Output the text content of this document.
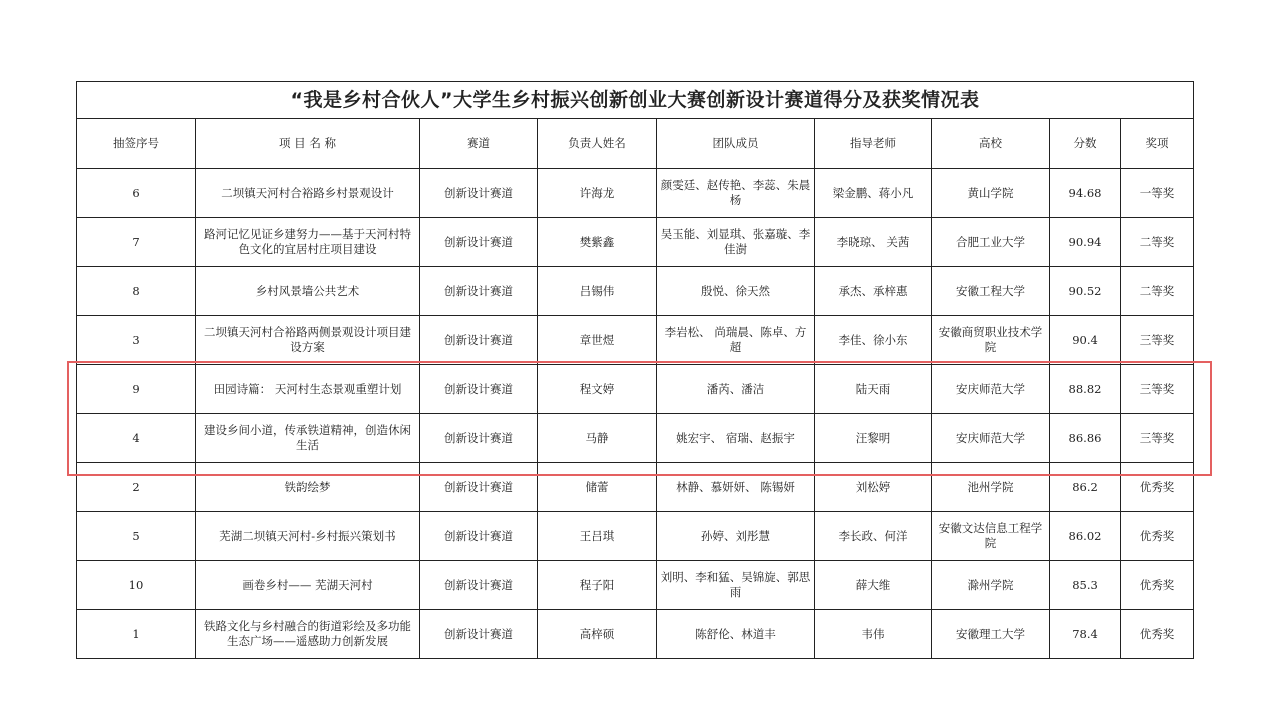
“我是乡村合伙人”大学生乡村振兴创新创业大赛创新设计赛道得分及获奖情况表								
抽签序号	项 目 名 称	赛道	负责人姓名	团队成员	指导老师	高校	分数	奖项
6	二坝镇天河村合裕路乡村景观设计	创新设计赛道	许海龙	颜雯廷、赵传艳、李蕊、朱晨杨	梁金鹏、蒋小凡	黄山学院	94.68	一等奖
7	路河记忆见证乡建努力——基于天河村特色文化的宜居村庄项目建设	创新设计赛道	樊紫鑫	吴玉能、刘显琪、张嘉璇、李佳澍	李晓琼、 关茜	合肥工业大学	90.94	二等奖
8	乡村风景墙公共艺术	创新设计赛道	吕锡伟	殷悦、徐天然	承杰、承梓惠	安徽工程大学	90.52	二等奖
3	二坝镇天河村合裕路两侧景观设计项目建设方案	创新设计赛道	章世煜	李岩松、 尚瑞晨、陈卓、方超	李佳、徐小东	安徽商贸职业技术学院	90.4	三等奖
9	田园诗篇： 天河村生态景观重塑计划	创新设计赛道	程文婷	潘芮、潘洁	陆天雨	安庆师范大学	88.82	三等奖
4	建设乡间小道，传承铁道精神，创造休闲生活	创新设计赛道	马静	姚宏宇、 宿瑞、赵振宇	汪黎明	安庆师范大学	86.86	三等奖
2	铁韵绘梦	创新设计赛道	储蕾	林静、慕妍妍、 陈锡妍	刘松婷	池州学院	86.2	优秀奖
5	芜湖二坝镇天河村-乡村振兴策划书	创新设计赛道	王吕琪	孙婷、刘彤慧	李长政、何洋	安徽文达信息工程学院	86.02	优秀奖
10	画卷乡村—— 芜湖天河村	创新设计赛道	程子阳	刘明、李和猛、吴锦旋、郭思雨	薛大维	滁州学院	85.3	优秀奖
1	铁路文化与乡村融合的街道彩绘及多功能生态广场——遥感助力创新发展	创新设计赛道	高梓硕	陈舒伦、林道丰	韦伟	安徽理工大学	78.4	优秀奖
